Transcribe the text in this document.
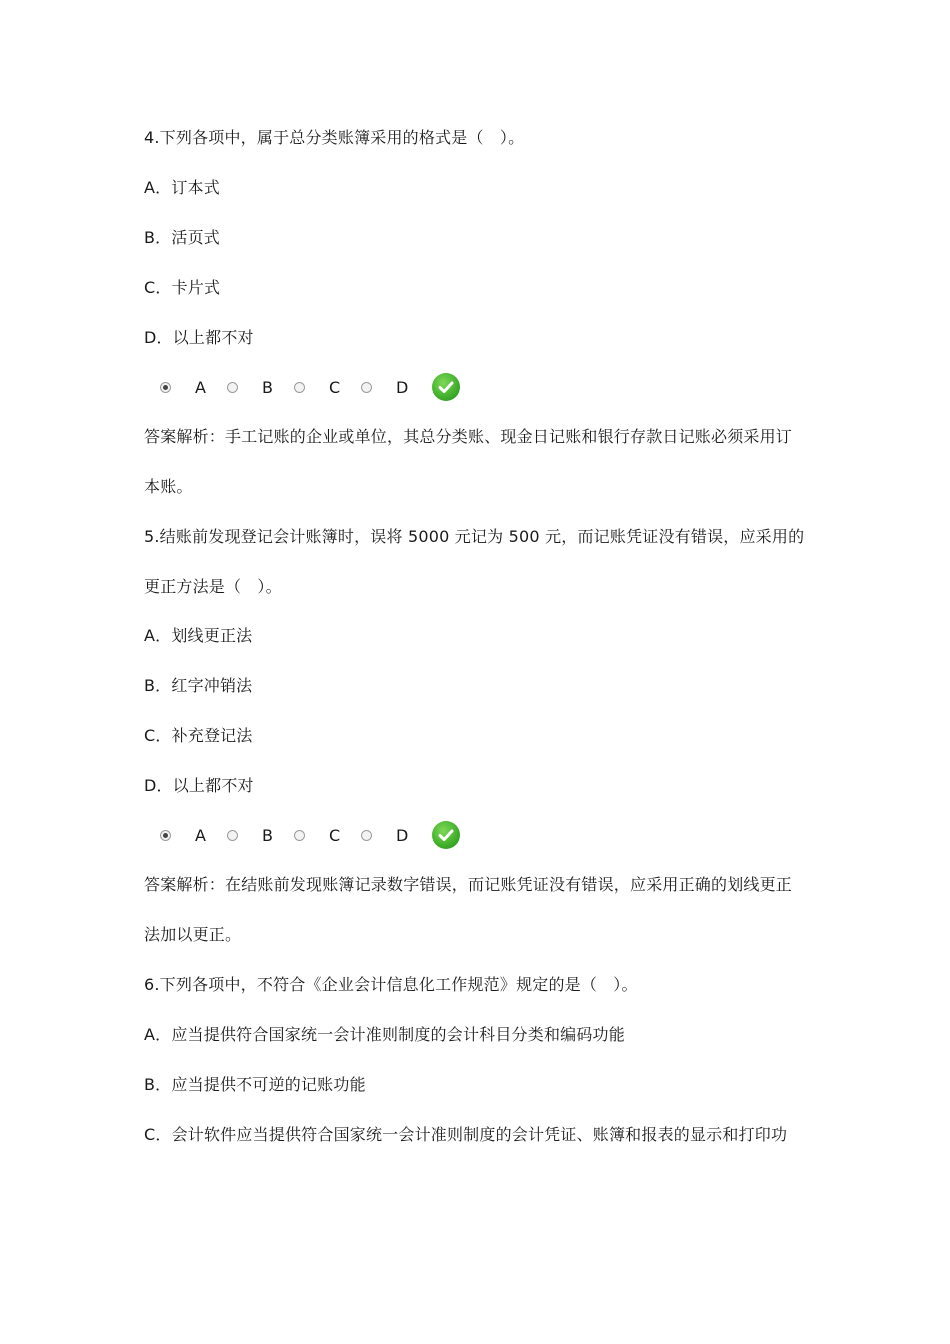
4.下列各项中，属于总分类账簿采用的格式是（　）。
A．订本式
B．活页式
C．卡片式
D．以上都不对
A	B	C	D
答案解析：手工记账的企业或单位，其总分类账、现金日记账和银行存款日记账必须采用订
本账。
5.结账前发现登记会计账簿时，误将 5000 元记为 500 元，而记账凭证没有错误，应采用的
更正方法是（　）。
A．划线更正法
B．红字冲销法
C．补充登记法
D．以上都不对
A	B	C	D
答案解析：在结账前发现账簿记录数字错误，而记账凭证没有错误，应采用正确的划线更正
法加以更正。
6.下列各项中，不符合《企业会计信息化工作规范》规定的是（　）。
A．应当提供符合国家统一会计准则制度的会计科目分类和编码功能
B．应当提供不可逆的记账功能
C．会计软件应当提供符合国家统一会计准则制度的会计凭证、账簿和报表的显示和打印功
